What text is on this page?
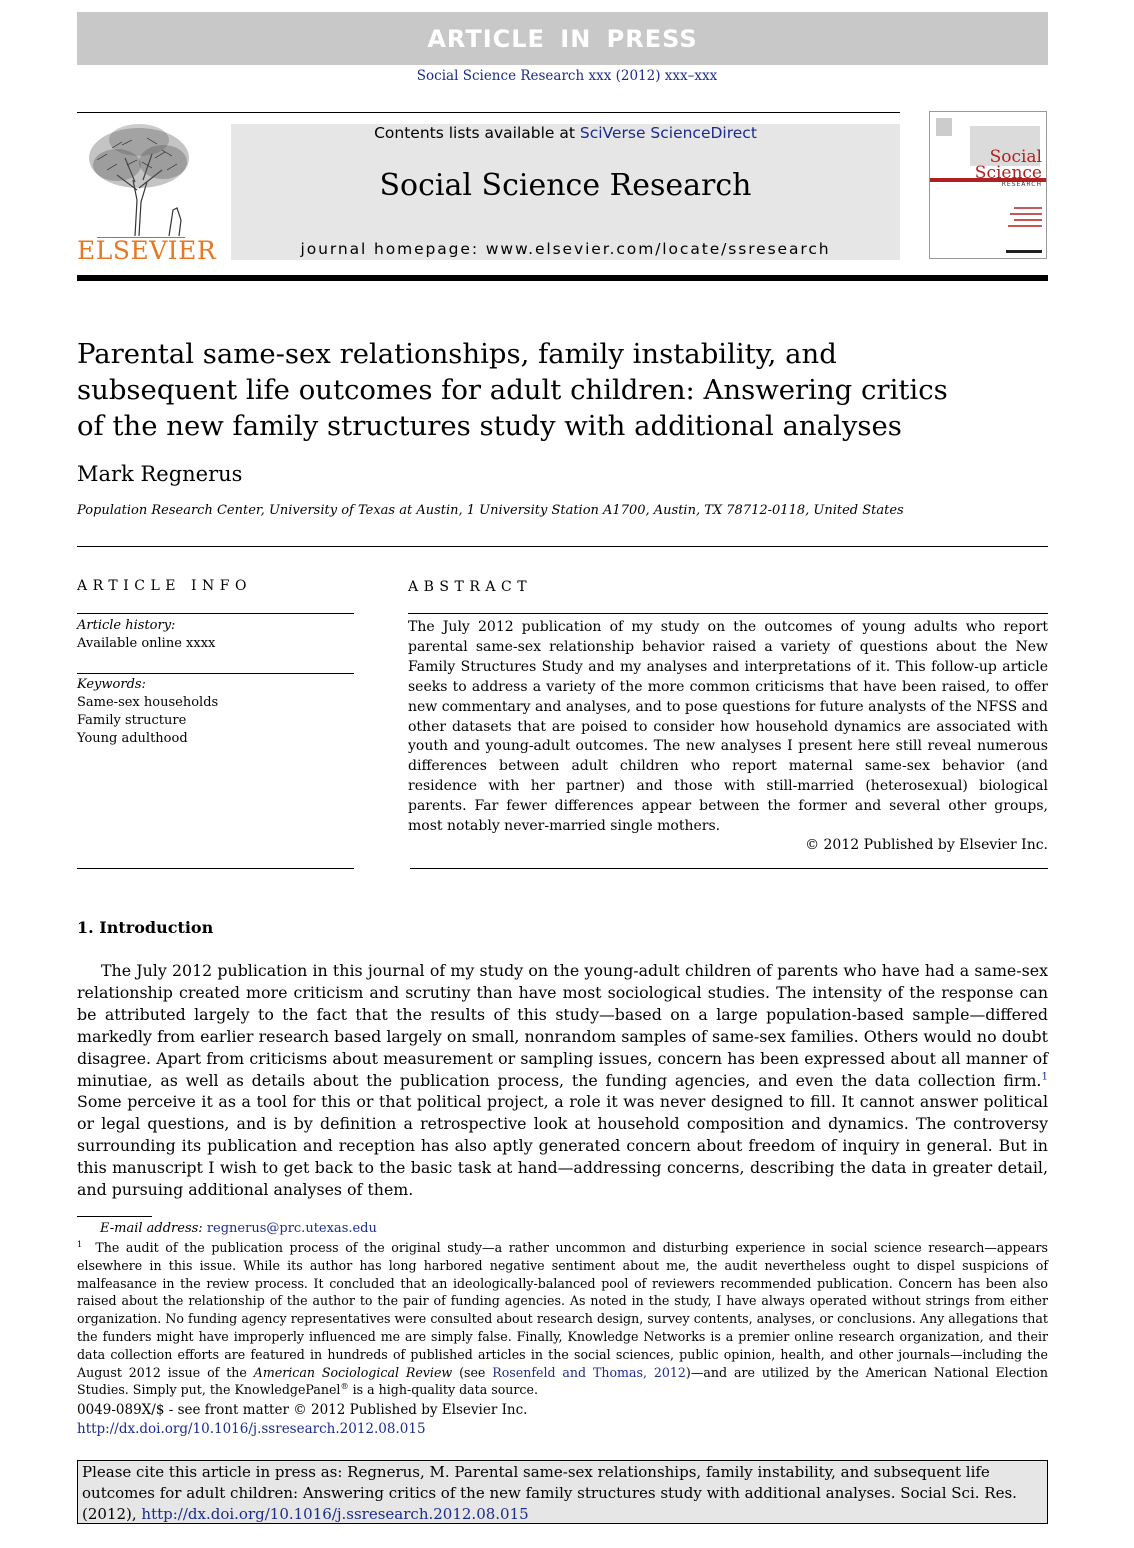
ARTICLE IN PRESS
Social Science Research xxx (2012) xxx–xxx
ELSEVIER
Contents lists available at SciVerse ScienceDirect
Social Science Research
journal homepage: www.elsevier.com/locate/ssresearch
Social
Science
RESEARCH
Parental same-sex relationships, family instability, and subsequent life outcomes for adult children: Answering critics of the new family structures study with additional analyses
Mark Regnerus
Population Research Center, University of Texas at Austin, 1 University Station A1700, Austin, TX 78712-0118, United States
ARTICLE INFO
Article history:
Available online xxxx
Keywords:
Same-sex households
Family structure
Young adulthood
ABSTRACT
The July 2012 publication of my study on the outcomes of young adults who report parental same-sex relationship behavior raised a variety of questions about the New Family Structures Study and my analyses and interpretations of it. This follow-up article seeks to address a variety of the more common criticisms that have been raised, to offer new commentary and analyses, and to pose questions for future analysts of the NFSS and other datasets that are poised to consider how household dynamics are associated with youth and young-adult outcomes. The new analyses I present here still reveal numerous differences between adult children who report maternal same-sex behavior (and residence with her partner) and those with still-married (heterosexual) biological parents. Far fewer differences appear between the former and several other groups, most notably never-married single mothers.
© 2012 Published by Elsevier Inc.
1. Introduction
The July 2012 publication in this journal of my study on the young-adult children of parents who have had a same-sex relationship created more criticism and scrutiny than have most sociological studies. The intensity of the response can be attributed largely to the fact that the results of this study—based on a large population-based sample—differed markedly from earlier research based largely on small, nonrandom samples of same-sex families. Others would no doubt disagree. Apart from criticisms about measurement or sampling issues, concern has been expressed about all manner of minutiae, as well as details about the publication process, the funding agencies, and even the data collection firm.$^1$ Some perceive it as a tool for this or that political project, a role it was never designed to fill. It cannot answer political or legal questions, and is by definition a retrospective look at household composition and dynamics. The controversy surrounding its publication and reception has also aptly generated concern about freedom of inquiry in general. But in this manuscript I wish to get back to the basic task at hand—addressing concerns, describing the data in greater detail, and pursuing additional analyses of them.
E-mail address: regnerus@prc.utexas.edu
$^1$ The audit of the publication process of the original study—a rather uncommon and disturbing experience in social science research—appears elsewhere in this issue. While its author has long harbored negative sentiment about me, the audit nevertheless ought to dispel suspicions of malfeasance in the review process. It concluded that an ideologically-balanced pool of reviewers recommended publication. Concern has been also raised about the relationship of the author to the pair of funding agencies. As noted in the study, I have always operated without strings from either organization. No funding agency representatives were consulted about research design, survey contents, analyses, or conclusions. Any allegations that the funders might have improperly influenced me are simply false. Finally, Knowledge Networks is a premier online research organization, and their data collection efforts are featured in hundreds of published articles in the social sciences, public opinion, health, and other journals—including the August 2012 issue of the American Sociological Review (see Rosenfeld and Thomas, 2012)—and are utilized by the American National Election Studies. Simply put, the KnowledgePanel® is a high-quality data source.
0049-089X/$ - see front matter © 2012 Published by Elsevier Inc.
http://dx.doi.org/10.1016/j.ssresearch.2012.08.015
Please cite this article in press as: Regnerus, M. Parental same-sex relationships, family instability, and subsequent life outcomes for adult children: Answering critics of the new family structures study with additional analyses. Social Sci. Res. (2012), http://dx.doi.org/10.1016/j.ssresearch.2012.08.015
